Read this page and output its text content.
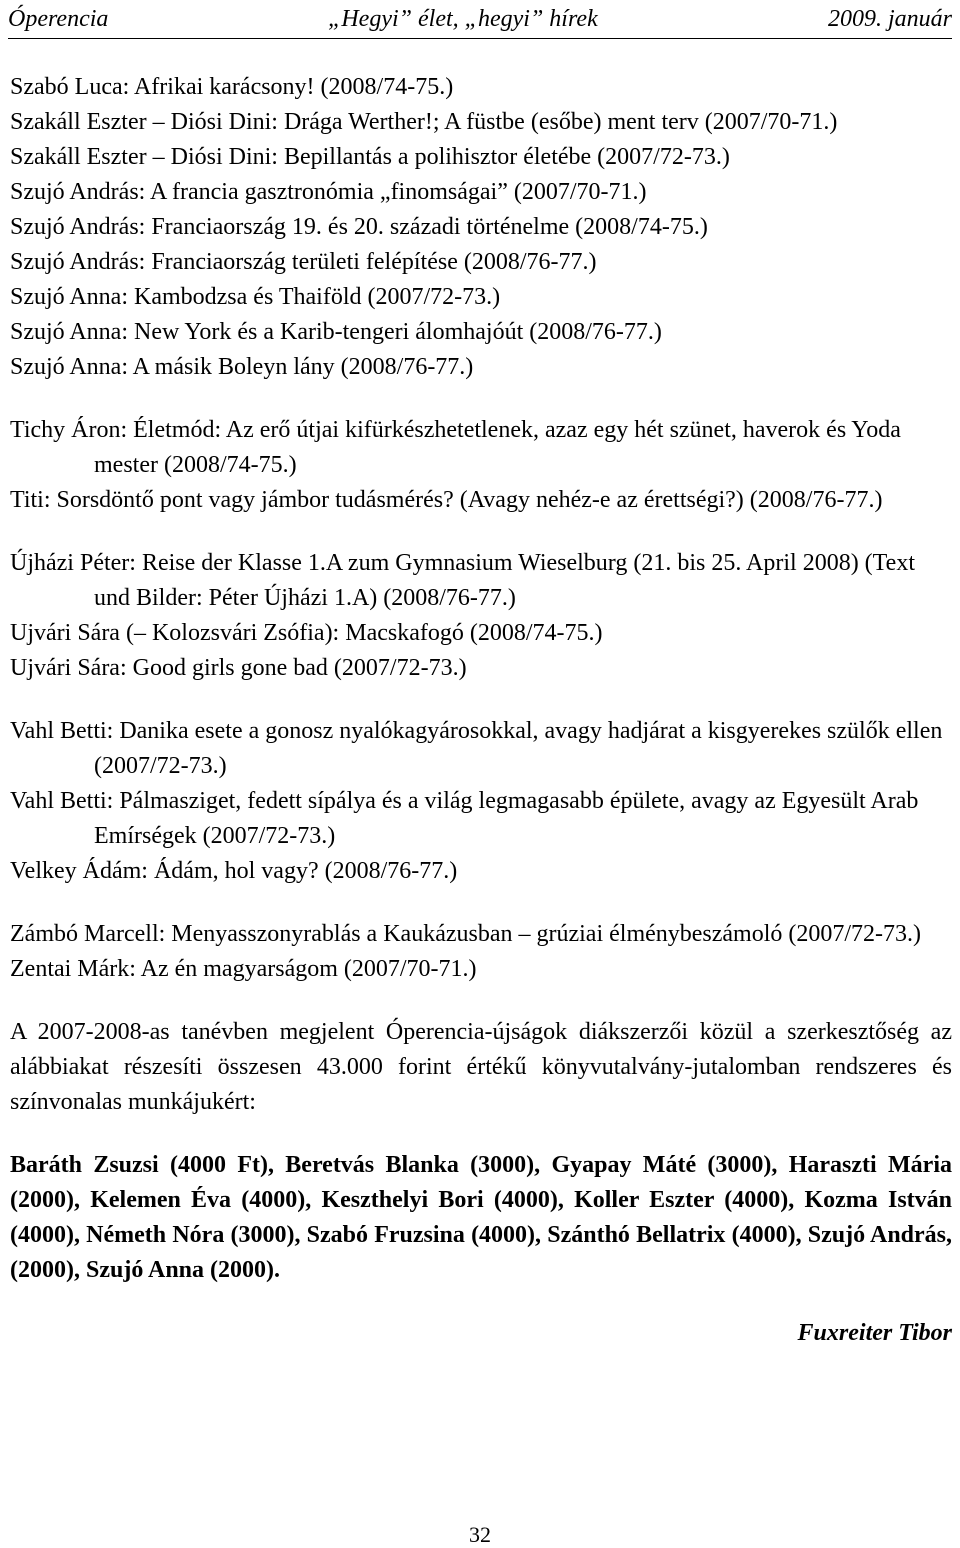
Óperencia	„Hegyi” élet, „hegyi” hírek	2009. január

Szabó Luca: Afrikai karácsony! (2008/74-75.)

Szakáll Eszter – Diósi Dini: Drága Werther!; A füstbe (esőbe) ment terv (2007/70-71.)

Szakáll Eszter – Diósi Dini: Bepillantás a polihisztor életébe (2007/72-73.)

Szujó András: A francia gasztronómia „finomságai” (2007/70-71.)

Szujó András: Franciaország 19. és 20. századi történelme (2008/74-75.)

Szujó András: Franciaország területi felépítése (2008/76-77.)

Szujó Anna: Kambodzsa és Thaiföld (2007/72-73.)

Szujó Anna: New York és a Karib-tengeri álomhajóút (2008/76-77.)

Szujó Anna: A másik Boleyn lány (2008/76-77.)

Tichy Áron: Életmód: Az erő útjai kifürkészhetetlenek, azaz egy hét szünet, haverok és Yoda mester (2008/74-75.)

Titi: Sorsdöntő pont vagy jámbor tudásmérés? (Avagy nehéz-e az érettségi?) (2008/76-77.)

Újházi Péter: Reise der Klasse 1.A zum Gymnasium Wieselburg (21. bis 25. April 2008) (Text und Bilder: Péter Újházi 1.A) (2008/76-77.)

Ujvári Sára (– Kolozsvári Zsófia): Macskafogó (2008/74-75.)

Ujvári Sára: Good girls gone bad (2007/72-73.)

Vahl Betti: Danika esete a gonosz nyalókagyárosokkal, avagy hadjárat a kisgyerekes szülők ellen (2007/72-73.)

Vahl Betti: Pálmasziget, fedett sípálya és a világ legmagasabb épülete, avagy az Egyesült Arab Emírségek (2007/72-73.)

Velkey Ádám: Ádám, hol vagy? (2008/76-77.)

Zámbó Marcell: Menyasszonyrablás a Kaukázusban – grúziai élménybeszámoló (2007/72-73.)

Zentai Márk: Az én magyarságom (2007/70-71.)

A 2007-2008-as tanévben megjelent Óperencia-újságok diákszerzői közül a szerkesztőség az alábbiakat részesíti összesen 43.000 forint értékű könyvutalvány-jutalomban rendszeres és színvonalas munkájukért:

Baráth Zsuzsi (4000 Ft), Beretvás Blanka (3000), Gyapay Máté (3000), Haraszti Mária (2000), Kelemen Éva (4000), Keszthelyi Bori (4000), Koller Eszter (4000), Kozma István (4000), Németh Nóra (3000), Szabó Fruzsina (4000), Szánthó Bellatrix (4000), Szujó András, (2000), Szujó Anna (2000).

Fuxreiter Tibor

32
